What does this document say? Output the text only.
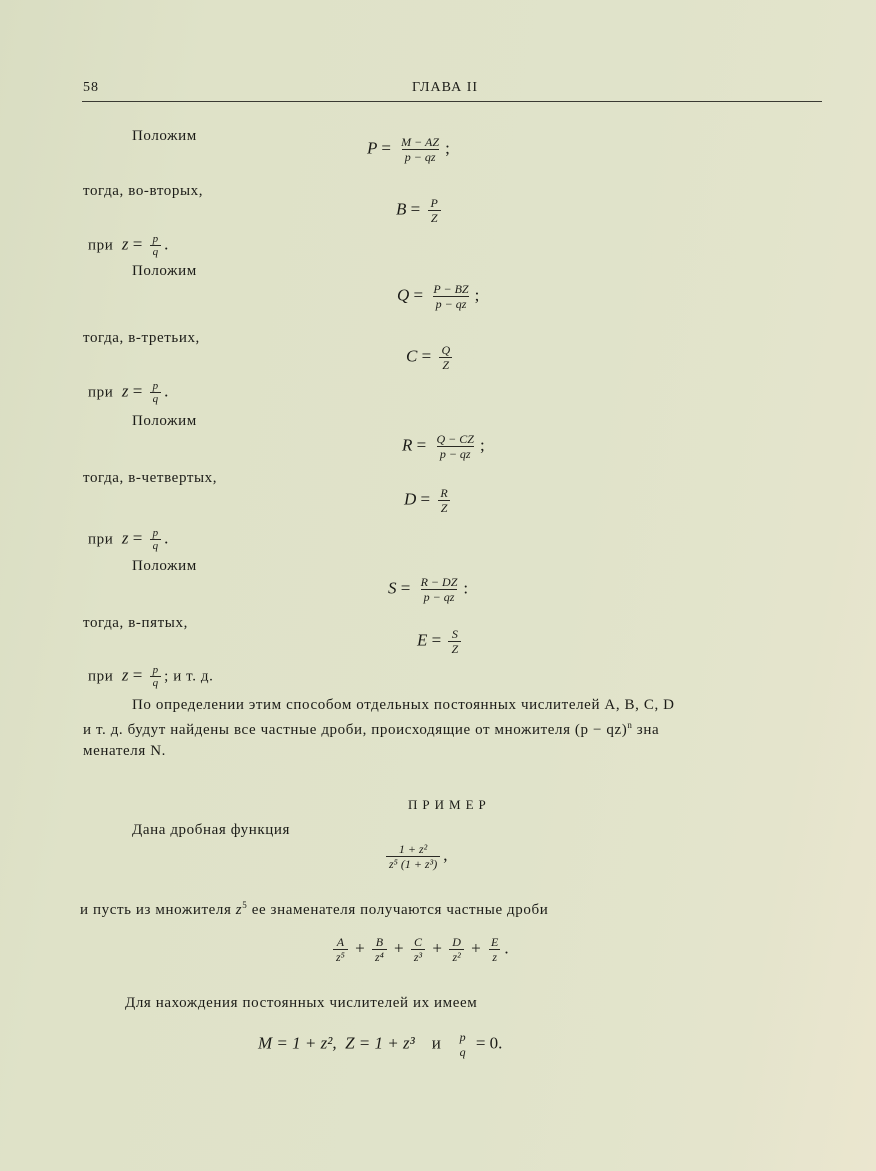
58	ГЛАВА II
Положим
$P = \frac{M - AZ}{p - qz}$ ;
тогда, во-вторых,
$B = \frac{P}{Z}$
при $z = \frac{p}{q}$ .
Положим
$Q = \frac{P - BZ}{p - qz}$ ;
тогда, в-третьих,
$C = \frac{Q}{Z}$
при $z = \frac{p}{q}$ .
Положим
$R = \frac{Q - CZ}{p - qz}$ ;
тогда, в-четвертых,
$D = \frac{R}{Z}$
при $z = \frac{p}{q}$ .
Положим
$S = \frac{R - DZ}{p - qz}$ :
тогда, в-пятых,
$E = \frac{S}{Z}$
при $z = \frac{p}{q}$ ; и т. д.
По определении этим способом отдельных постоянных числителей A, B, C, D
и т. д. будут найдены все частные дроби, происходящие от множителя (p − qz)$^n$ зна
менателя N.
ПРИМЕР
Дана дробная функция
$\frac{\text{1 + z²}}{\text{z⁵ (1 + z³)}}$ ,
и пусть из множителя $z^5$ ее знаменателя получаются частные дроби
$\frac{A}{\text{z⁵}} + \frac{B}{\text{z⁴}} + \frac{C}{\text{z³}} + \frac{D}{\text{z²}} + \frac{E}{z}$ .
Для нахождения постоянных числителей их имеем
M = 1 + z², Z = 1 + z³ и p
q = 0.
